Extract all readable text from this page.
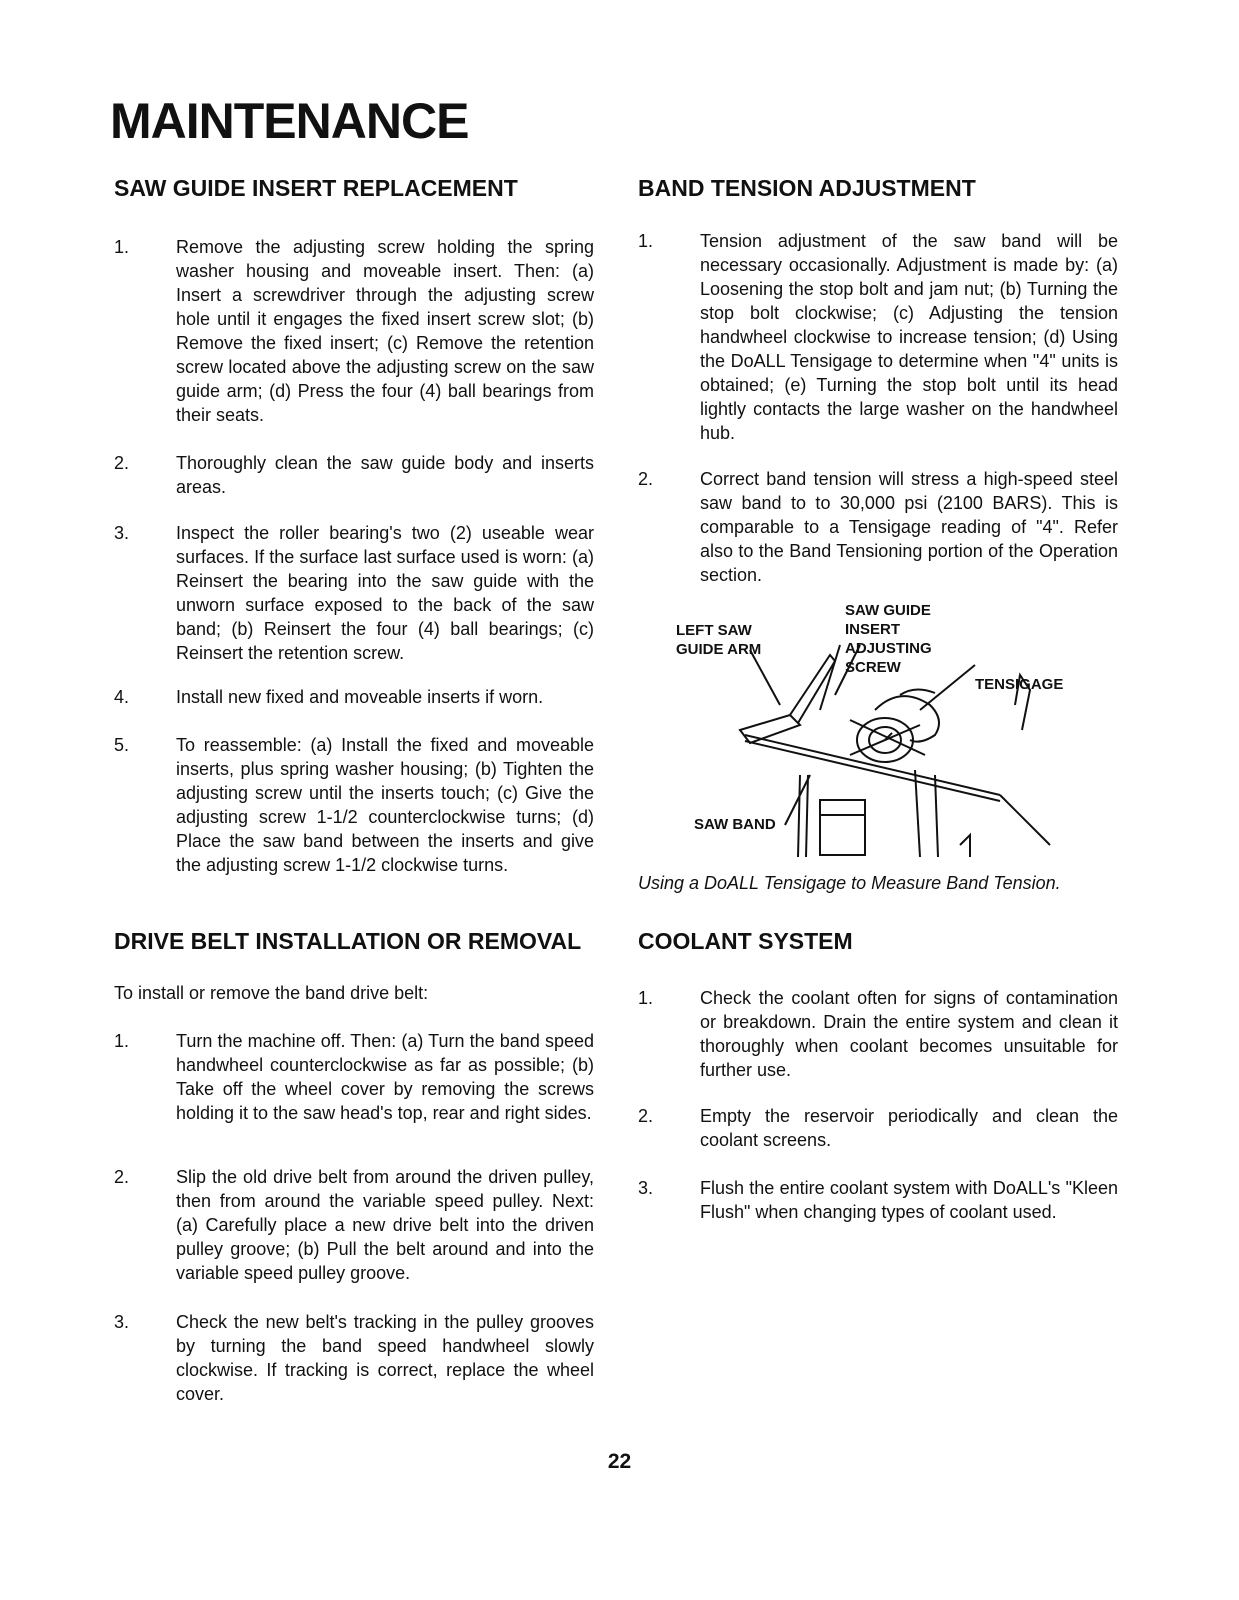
MAINTENANCE
SAW GUIDE INSERT REPLACEMENT
1.	Remove the adjusting screw holding the spring washer housing and moveable insert. Then: (a) Insert a screwdriver through the adjusting screw hole until it engages the fixed insert screw slot; (b) Remove the fixed insert; (c) Remove the retention screw located above the adjusting screw on the saw guide arm; (d) Press the four (4) ball bearings from their seats.
2.	Thoroughly clean the saw guide body and inserts areas.
3.	Inspect the roller bearing's two (2) useable wear surfaces. If the surface last surface used is worn: (a) Reinsert the bearing into the saw guide with the unworn surface exposed to the back of the saw band; (b) Reinsert the four (4) ball bearings; (c) Reinsert the retention screw.
4.	Install new fixed and moveable inserts if worn.
5.	To reassemble: (a) Install the fixed and moveable inserts, plus spring washer housing; (b) Tighten the adjusting screw until the inserts touch; (c) Give the adjusting screw 1-1/2 counterclockwise turns; (d) Place the saw band between the inserts and give the adjusting screw 1-1/2 clockwise turns.
DRIVE BELT INSTALLATION OR REMOVAL

To install or remove the band drive belt:

1.	Turn the machine off. Then: (a) Turn the band speed handwheel counterclockwise as far as possible; (b) Take off the wheel cover by removing the screws holding it to the saw head's top, rear and right sides.
2.	Slip the old drive belt from around the driven pulley, then from around the variable speed pulley. Next: (a) Carefully place a new drive belt into the driven pulley groove; (b) Pull the belt around and into the variable speed pulley groove.
3.	Check the new belt's tracking in the pulley grooves by turning the band speed handwheel slowly clockwise. If tracking is correct, replace the wheel cover.
BAND TENSION ADJUSTMENT
1.	Tension adjustment of the saw band will be necessary occasionally. Adjustment is made by: (a) Loosening the stop bolt and jam nut; (b) Turning the stop bolt clockwise; (c) Adjusting the tension handwheel clockwise to increase tension; (d) Using the DoALL Tensigage to determine when "4" units is obtained; (e) Turning the stop bolt until its head lightly contacts the large washer on the handwheel hub.
2.	Correct band tension will stress a high-speed steel saw band to to 30,000 psi (2100 BARS). This is comparable to a Tensigage reading of "4". Refer also to the Band Tensioning portion of the Operation section.
LEFT SAW
GUIDE ARM
SAW GUIDE
INSERT
ADJUSTING
SCREW
TENSIGAGE
SAW BAND

Using a DoALL Tensigage to Measure Band Tension.

COOLANT SYSTEM
1.	Check the coolant often for signs of contamination or breakdown. Drain the entire system and clean it thoroughly when coolant becomes unsuitable for further use.
2.	Empty the reservoir periodically and clean the coolant screens.
3.	Flush the entire coolant system with DoALL's "Kleen Flush" when changing types of coolant used.
22
